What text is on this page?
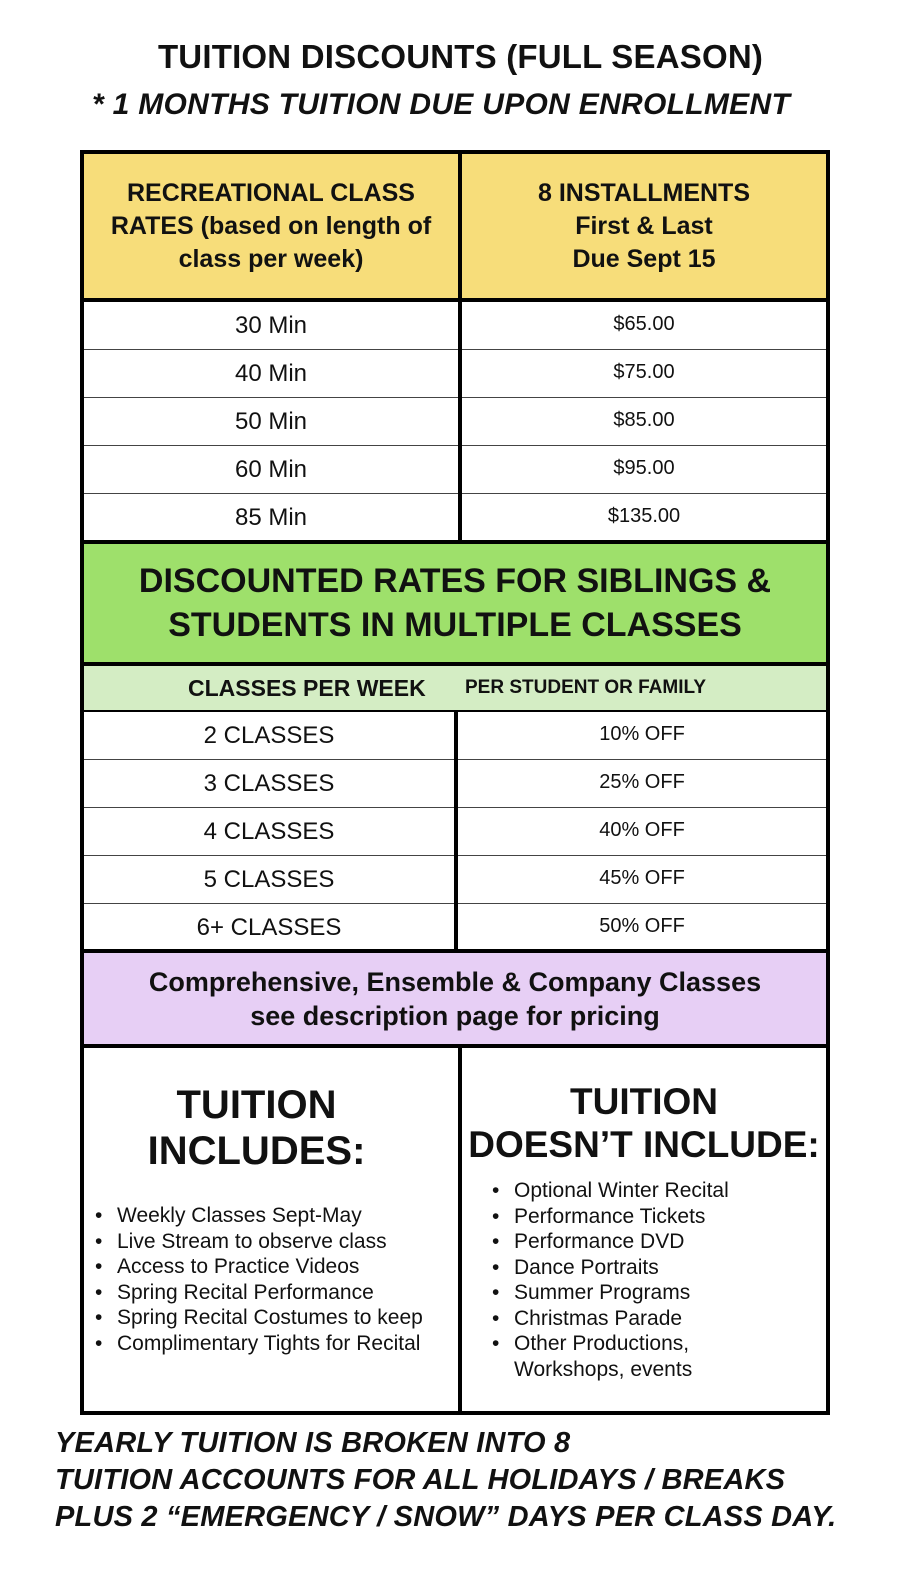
TUITION DISCOUNTS (FULL SEASON)
* 1 MONTHS TUITION DUE UPON ENROLLMENT
RECREATIONAL CLASS
RATES (based on length of
class per week)
8 INSTALLMENTS
First & Last
Due Sept 15
30 Min	$65.00
40 Min	$75.00
50 Min	$85.00
60 Min	$95.00
85 Min	$135.00
DISCOUNTED RATES FOR SIBLINGS &
STUDENTS IN MULTIPLE CLASSES
CLASSES PER WEEK PER STUDENT OR FAMILY
2 CLASSES	10% OFF
3 CLASSES	25% OFF
4 CLASSES	40% OFF
5 CLASSES	45% OFF
6+ CLASSES	50% OFF
Comprehensive, Ensemble & Company Classes
see description page for pricing
TUITION
INCLUDES:
• Weekly Classes Sept-May
• Live Stream to observe class
• Access to Practice Videos
• Spring Recital Performance
• Spring Recital Costumes to keep
• Complimentary Tights for Recital
TUITION
DOESN’T INCLUDE:
• Optional Winter Recital
• Performance Tickets
• Performance DVD
• Dance Portraits
• Summer Programs
• Christmas Parade
• Other Productions,
Workshops, events
YEARLY TUITION IS BROKEN INTO 8
TUITION ACCOUNTS FOR ALL HOLIDAYS / BREAKS
PLUS 2 “EMERGENCY / SNOW” DAYS PER CLASS DAY.
